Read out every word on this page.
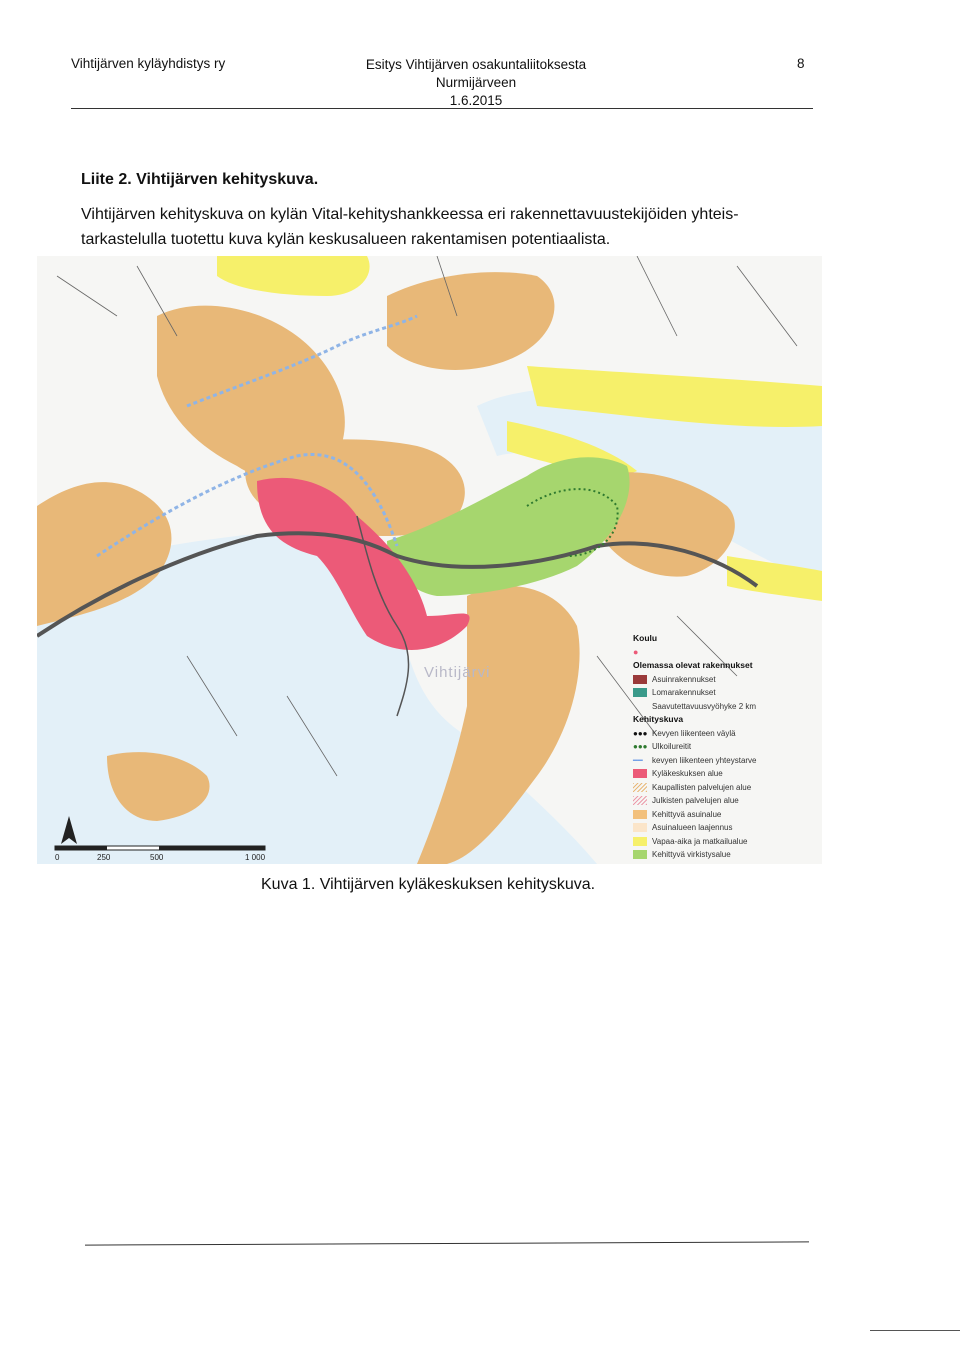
Vihtijärven kyläyhdistys ry	Esitys Vihtijärven osakuntaliitoksesta Nurmijärveen
1.6.2015
8
Liite 2. Vihtijärven kehityskuva.
Vihtijärven kehityskuva on kylän Vital-kehityshankkeessa eri rakennettavuustekijöiden yhteis-tarkastelulla tuotettu kuva kylän keskusalueen rakentamisen potentiaalista.
Vihtijärvi
Koulu
●
Olemassa olevat rakennukset
Asuinrakennukset
Lomarakennukset
Saavutettavuusvyöhyke 2 km
Kehityskuva
●●● Kevyen liikenteen väylä
●●● Ulkoilureitit
━━	kevyen liikenteen yhteystarve
Kyläkeskuksen alue
Kaupallisten palvelujen alue
Julkisten palvelujen alue
Kehittyvä asuinalue
Asuinalueen laajennus
Vapaa-aika ja matkailualue
Kehittyvä virkistysalue
0	250	500	1 000
Kuva 1. Vihtijärven kyläkeskuksen kehityskuva.
